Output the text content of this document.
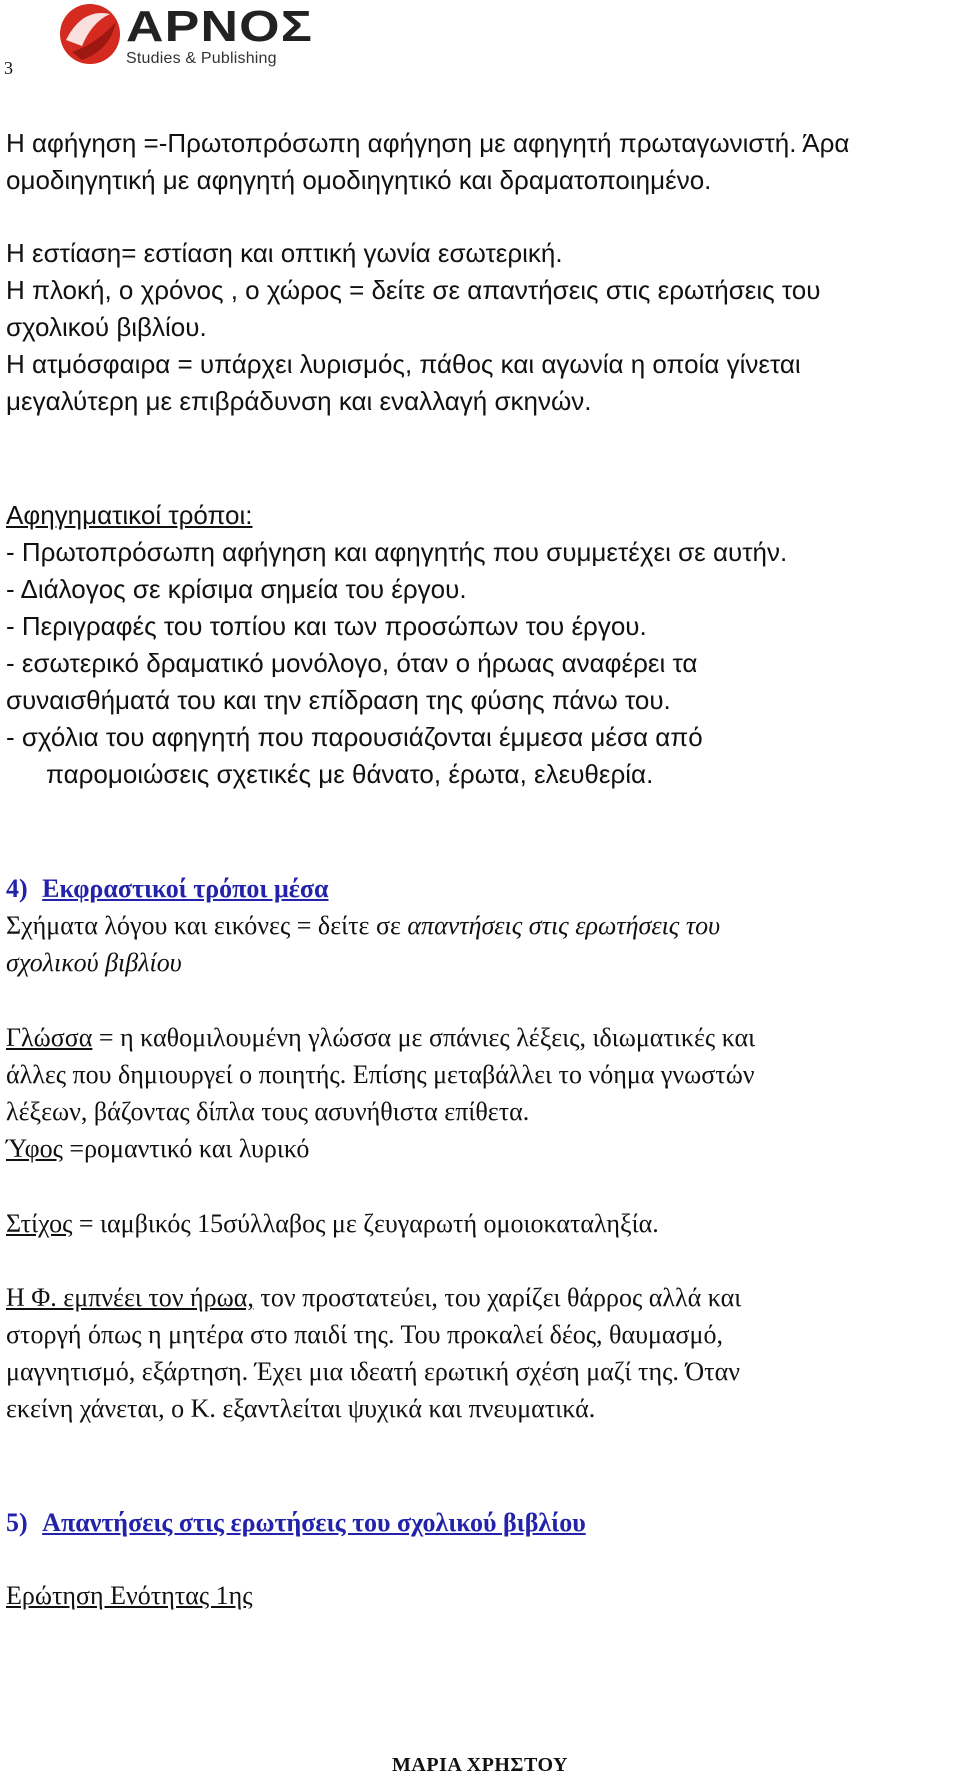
3
ΑΡΝΟΣ
Studies & Publishing
Η αφήγηση =-Πρωτοπρόσωπη αφήγηση με αφηγητή πρωταγωνιστή. Άρα
ομοδιηγητική με αφηγητή ομοδιηγητικό και δραματοποιημένο.
Η εστίαση= εστίαση και οπτική γωνία εσωτερική.
Η πλοκή, ο χρόνος , ο χώρος = δείτε σε απαντήσεις στις ερωτήσεις του
σχολικού βιβλίου.
Η ατμόσφαιρα = υπάρχει λυρισμός, πάθος και αγωνία η οποία γίνεται
μεγαλύτερη με επιβράδυνση και εναλλαγή σκηνών.
Αφηγηματικοί τρόποι:
- Πρωτοπρόσωπη αφήγηση και αφηγητής που συμμετέχει σε αυτήν.
- Διάλογος σε κρίσιμα σημεία του έργου.
- Περιγραφές του τοπίου και των προσώπων του έργου.
- εσωτερικό δραματικό μονόλογο, όταν ο ήρωας αναφέρει τα
συναισθήματά του και την επίδραση της φύσης πάνω του.
- σχόλια του αφηγητή που παρουσιάζονται έμμεσα μέσα από
παρομοιώσεις σχετικές με θάνατο, έρωτα, ελευθερία.
4) Εκφραστικοί τρόποι μέσα
Σχήματα λόγου και εικόνες = δείτε σε απαντήσεις στις ερωτήσεις του
σχολικού βιβλίου
Γλώσσα = η καθομιλουμένη γλώσσα με σπάνιες λέξεις, ιδιωματικές και
άλλες που δημιουργεί ο ποιητής. Επίσης μεταβάλλει το νόημα γνωστών
λέξεων, βάζοντας δίπλα τους ασυνήθιστα επίθετα.
Ύφος =ρομαντικό και λυρικό
Στίχος = ιαμβικός 15σύλλαβος με ζευγαρωτή ομοιοκαταληξία.
Η Φ. εμπνέει τον ήρωα, τον προστατεύει, του χαρίζει θάρρος αλλά και
στοργή όπως η μητέρα στο παιδί της. Του προκαλεί δέος, θαυμασμό,
μαγνητισμό, εξάρτηση. Έχει μια ιδεατή ερωτική σχέση μαζί της. Όταν
εκείνη χάνεται, ο Κ. εξαντλείται ψυχικά και πνευματικά.
5) Απαντήσεις στις ερωτήσεις του σχολικού βιβλίου
Ερώτηση Ενότητας 1ης
ΜΑΡΙΑ ΧΡΗΣΤΟΥ
